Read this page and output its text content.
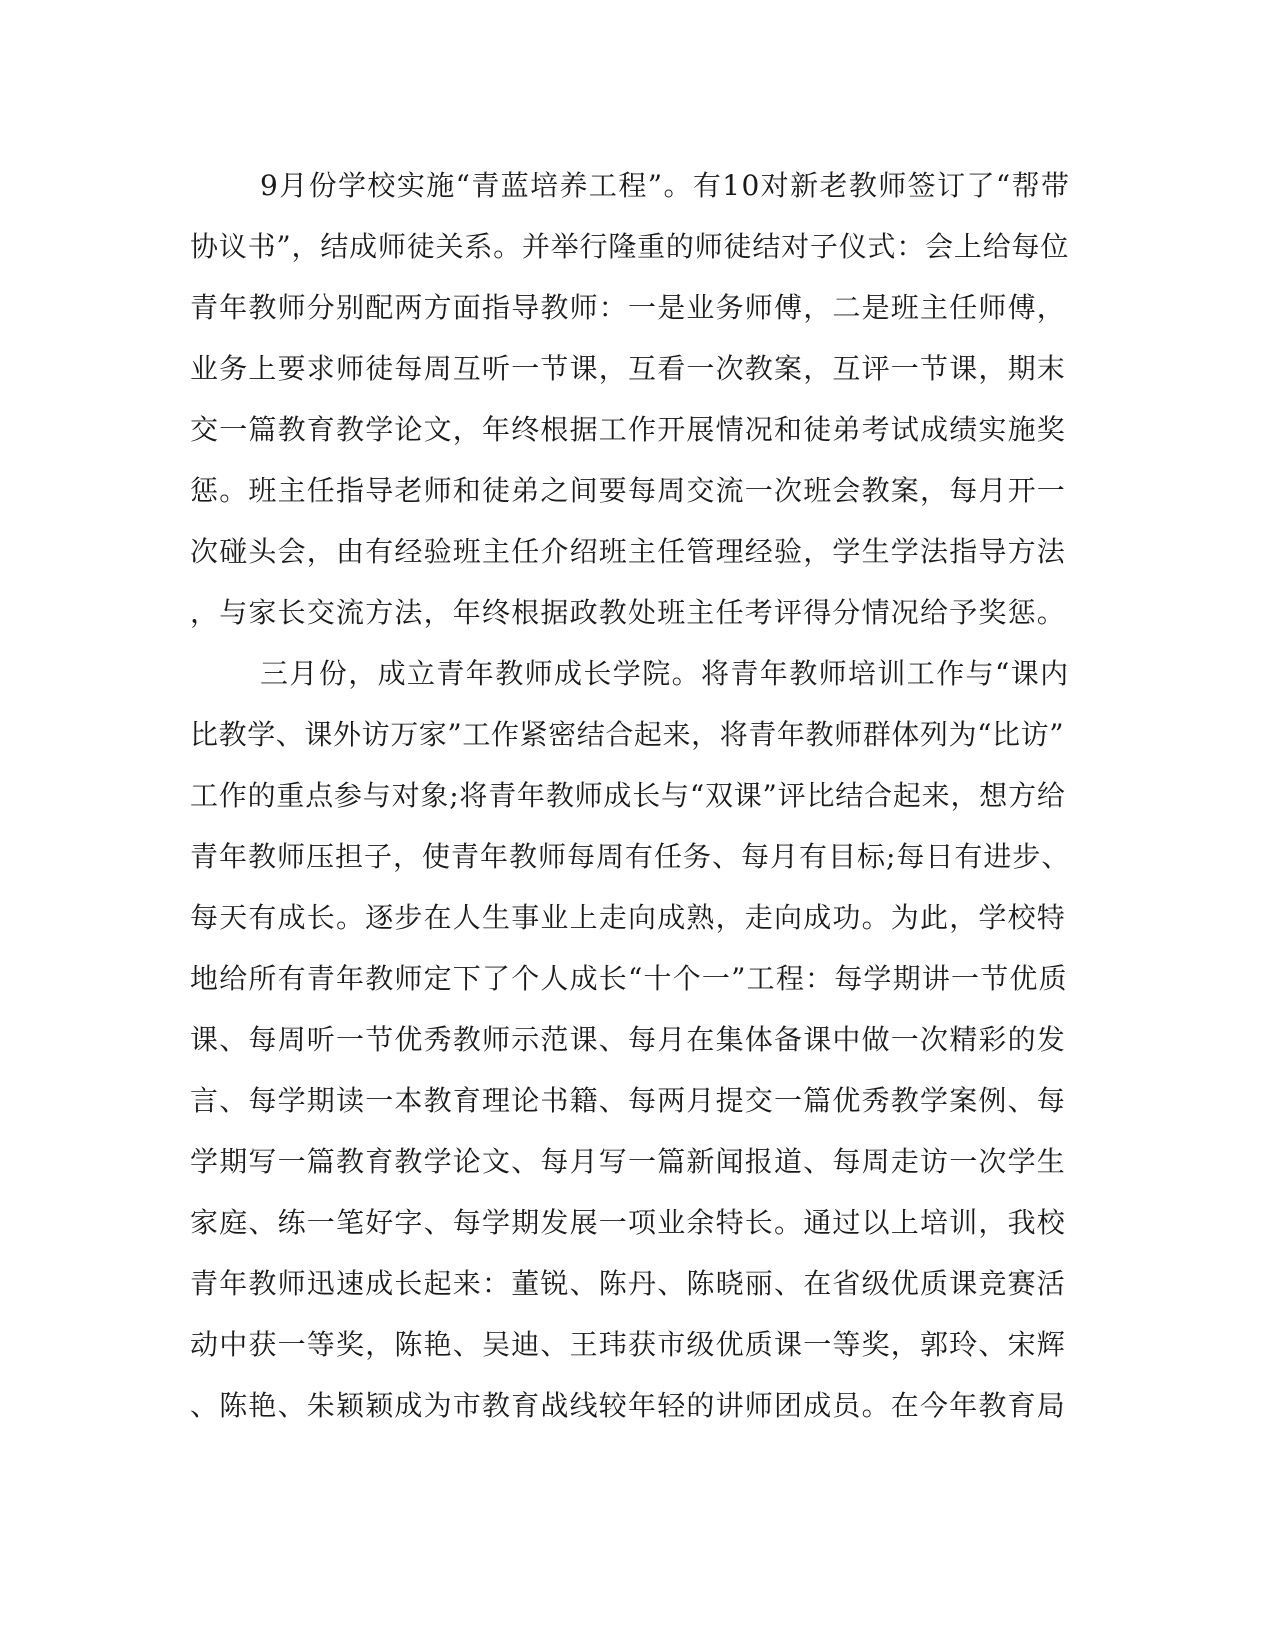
9月份学校实施“青蓝培养工程”。有10对新老教师签订了“帮带
协议书”，结成师徒关系。并举行隆重的师徒结对子仪式：会上给每位
青年教师分别配两方面指导教师：一是业务师傅，二是班主任师傅，
业务上要求师徒每周互听一节课，互看一次教案，互评一节课，期末
交一篇教育教学论文，年终根据工作开展情况和徒弟考试成绩实施奖
惩。班主任指导老师和徒弟之间要每周交流一次班会教案，每月开一
次碰头会，由有经验班主任介绍班主任管理经验，学生学法指导方法
，与家长交流方法，年终根据政教处班主任考评得分情况给予奖惩。
三月份，成立青年教师成长学院。将青年教师培训工作与“课内
比教学、课外访万家”工作紧密结合起来，将青年教师群体列为“比访”
工作的重点参与对象;将青年教师成长与“双课”评比结合起来，想方给
青年教师压担子，使青年教师每周有任务、每月有目标;每日有进步、
每天有成长。逐步在人生事业上走向成熟，走向成功。为此，学校特
地给所有青年教师定下了个人成长“十个一”工程：每学期讲一节优质
课、每周听一节优秀教师示范课、每月在集体备课中做一次精彩的发
言、每学期读一本教育理论书籍、每两月提交一篇优秀教学案例、每
学期写一篇教育教学论文、每月写一篇新闻报道、每周走访一次学生
家庭、练一笔好字、每学期发展一项业余特长。通过以上培训，我校
青年教师迅速成长起来：董锐、陈丹、陈晓丽、在省级优质课竞赛活
动中获一等奖，陈艳、吴迪、王玮获市级优质课一等奖，郭玲、宋辉
、陈艳、朱颖颖成为市教育战线较年轻的讲师团成员。在今年教育局
